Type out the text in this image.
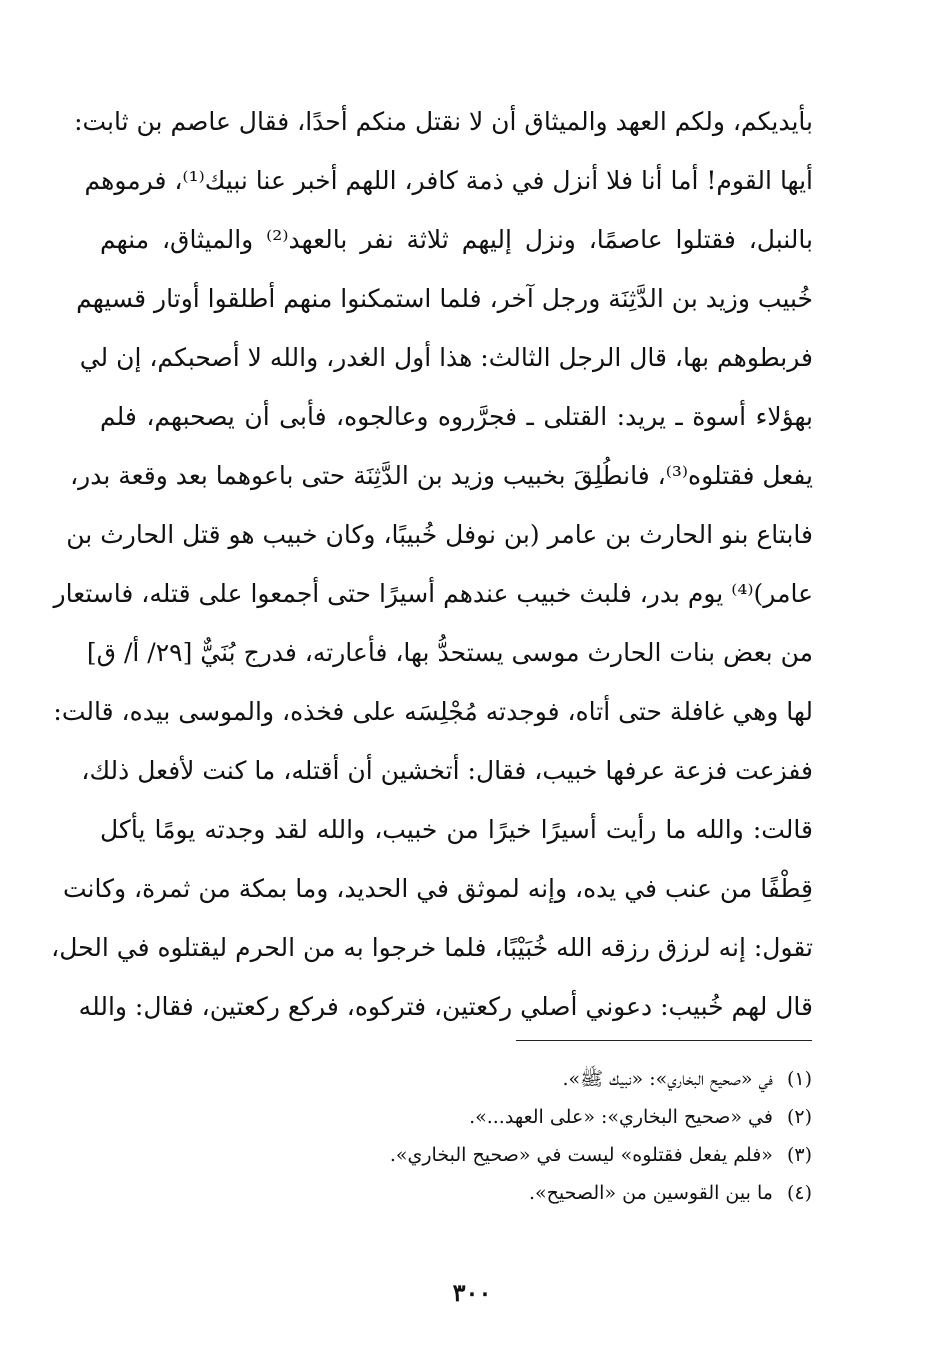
بأيديكم، ولكم العهد والميثاق أن لا نقتل منكم أحدًا، فقال عاصم بن ثابت:
أيها القوم! أما أنا فلا أنزل في ذمة كافر، اللهم أخبر عنا نبيك⁽¹⁾، فرموهم
بالنبل، فقتلوا عاصمًا، ونزل إليهم ثلاثة نفر بالعهد⁽²⁾ والميثاق، منهم
خُبيب وزيد بن الدَّثِنَة ورجل آخر، فلما استمكنوا منهم أطلقوا أوتار قسيهم
فربطوهم بها، قال الرجل الثالث: هذا أول الغدر، والله لا أصحبكم، إن لي
بهؤلاء أسوة ـ يريد: القتلى ـ فجرَّروه وعالجوه، فأبى أن يصحبهم، فلم
يفعل فقتلوه⁽³⁾، فانطُلِقَ بخبيب وزيد بن الدَّثِنَة حتى باعوهما بعد وقعة بدر،
فابتاع بنو الحارث بن عامر (بن نوفل خُبيبًا، وكان خبيب هو قتل الحارث بن
عامر)⁽⁴⁾ يوم بدر، فلبث خبيب عندهم أسيرًا حتى أجمعوا على قتله، فاستعار
من بعض بنات الحارث موسى يستحدُّ بها، فأعارته، فدرج بُنَيٌّ [٢٩/ أ/ ق]
لها وهي غافلة حتى أتاه، فوجدته مُجْلِسَه على فخذه، والموسى بيده، قالت:
ففزعت فزعة عرفها خبيب، فقال: أتخشين أن أقتله، ما كنت لأفعل ذلك،
قالت: والله ما رأيت أسيرًا خيرًا من خبيب، والله لقد وجدته يومًا يأكل
قِطْفًا من عنب في يده، وإنه لموثق في الحديد، وما بمكة من ثمرة، وكانت
تقول: إنه لرزق رزقه الله خُبَيْبًا، فلما خرجوا به من الحرم ليقتلوه في الحل،
قال لهم خُبيب: دعوني أصلي ركعتين، فتركوه، فركع ركعتين، فقال: والله
(١)في «صحيح البخاري»: «نبيك ﷺ».
(٢)في «صحيح البخاري»: «على العهد...».
(٣)«فلم يفعل فقتلوه» ليست في «صحيح البخاري».
(٤)ما بين القوسين من «الصحيح».
٣٠٠
